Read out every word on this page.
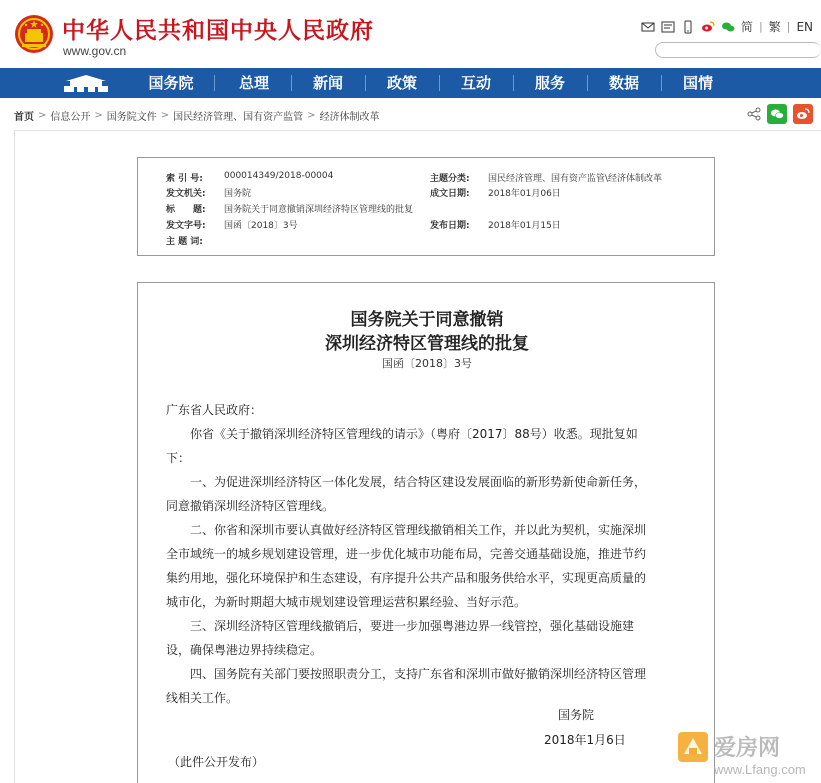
中华人民共和国中央人民政府
www.gov.cn
简 | 繁 | EN
国务院	总理	新闻	政策	互动	服务	数据	国情
首页 > 信息公开 > 国务院文件 > 国民经济管理、国有资产监管 > 经济体制改革
索 引 号:	000014349/2018-00004	主题分类:	国民经济管理、国有资产监管\经济体制改革
发文机关:	国务院	成文日期:	2018年01月06日
标　　题:	国务院关于同意撤销深圳经济特区管理线的批复
发文字号:	国函〔2018〕3号	发布日期:	2018年01月15日
主 题 词:
国务院关于同意撤销
深圳经济特区管理线的批复
国函〔2018〕3号
广东省人民政府：
你省《关于撤销深圳经济特区管理线的请示》（粤府〔2017〕88号）收悉。现批复如
下：
一、为促进深圳经济特区一体化发展，结合特区建设发展面临的新形势新使命新任务，
同意撤销深圳经济特区管理线。
二、你省和深圳市要认真做好经济特区管理线撤销相关工作，并以此为契机，实施深圳
全市域统一的城乡规划建设管理，进一步优化城市功能布局，完善交通基础设施，推进节约
集约用地，强化环境保护和生态建设，有序提升公共产品和服务供给水平，实现更高质量的
城市化，为新时期超大城市规划建设管理运营积累经验、当好示范。
三、深圳经济特区管理线撤销后，要进一步加强粤港边界一线管控，强化基础设施建
设，确保粤港边界持续稳定。
四、国务院有关部门要按照职责分工，支持广东省和深圳市做好撤销深圳经济特区管理
线相关工作。
国务院
2018年1月6日
（此件公开发布）
爱房网
www.Lfang.com
